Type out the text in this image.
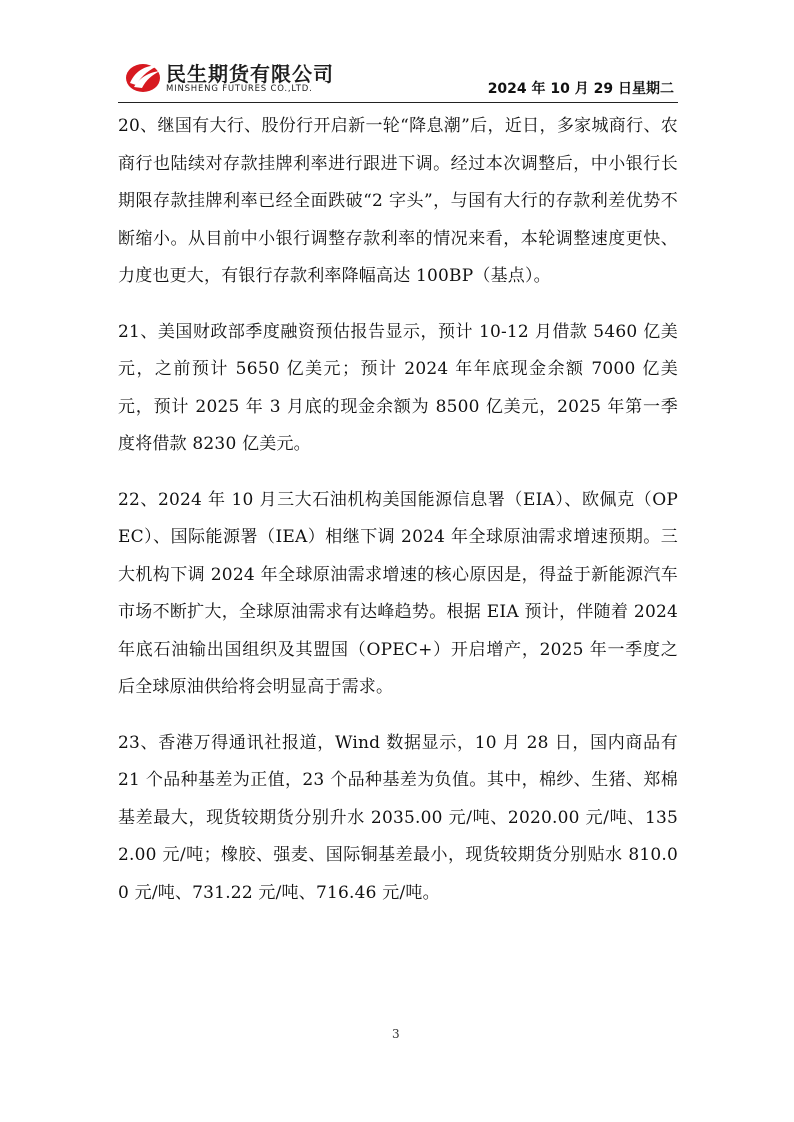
民生期货有限公司
MINSHENG FUTURES CO.,LTD.	2024 年 10 月 29 日星期二

20、继国有大行、股份行开启新一轮“降息潮”后，近日，多家城商行、农商行也陆续对存款挂牌利率进行跟进下调。经过本次调整后，中小银行长期限存款挂牌利率已经全面跌破“2 字头”，与国有大行的存款利差优势不断缩小。从目前中小银行调整存款利率的情况来看，本轮调整速度更快、力度也更大，有银行存款利率降幅高达 100BP（基点）。

21、美国财政部季度融资预估报告显示，预计 10-12 月借款 5460 亿美元，之前预计 5650 亿美元；预计 2024 年年底现金余额 7000 亿美元，预计 2025 年 3 月底的现金余额为 8500 亿美元，2025 年第一季度将借款 8230 亿美元。

22、2024 年 10 月三大石油机构美国能源信息署（EIA）、欧佩克（OPEC）、国际能源署（IEA）相继下调 2024 年全球原油需求增速预期。三大机构下调 2024 年全球原油需求增速的核心原因是，得益于新能源汽车市场不断扩大，全球原油需求有达峰趋势。根据 EIA 预计，伴随着 2024 年底石油输出国组织及其盟国（OPEC+）开启增产，2025 年一季度之后全球原油供给将会明显高于需求。

23、香港万得通讯社报道，Wind 数据显示，10 月 28 日，国内商品有 21 个品种基差为正值，23 个品种基差为负值。其中，棉纱、生猪、郑棉基差最大，现货较期货分别升水 2035.00 元/吨、2020.00 元/吨、1352.00 元/吨；橡胶、强麦、国际铜基差最小，现货较期货分别贴水 810.00 元/吨、731.22 元/吨、716.46 元/吨。

3
